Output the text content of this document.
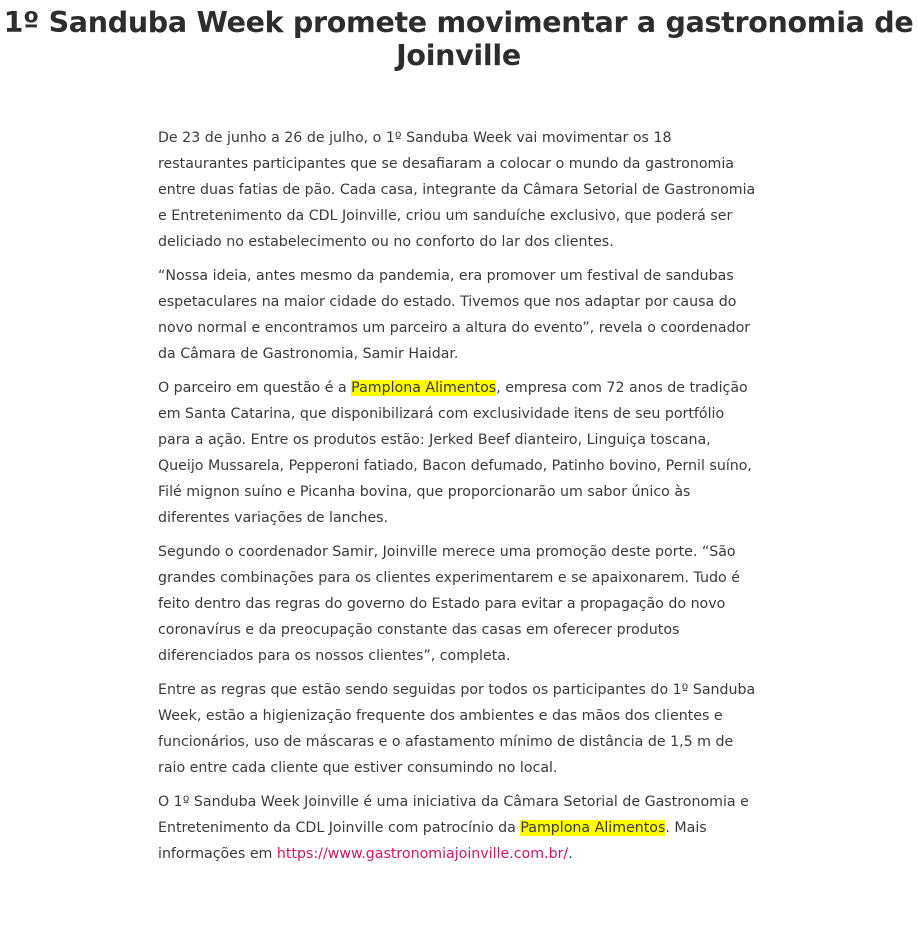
1º Sanduba Week promete movimentar a gastronomia de Joinville

De 23 de junho a 26 de julho, o 1º Sanduba Week vai movimentar os 18 restaurantes participantes que se desafiaram a colocar o mundo da gastronomia entre duas fatias de pão. Cada casa, integrante da Câmara Setorial de Gastronomia e Entretenimento da CDL Joinville, criou um sanduíche exclusivo, que poderá ser deliciado no estabelecimento ou no conforto do lar dos clientes.

“Nossa ideia, antes mesmo da pandemia, era promover um festival de sandubas espetaculares na maior cidade do estado. Tivemos que nos adaptar por causa do novo normal e encontramos um parceiro a altura do evento”, revela o coordenador da Câmara de Gastronomia, Samir Haidar.

O parceiro em questão é a Pamplona Alimentos, empresa com 72 anos de tradição em Santa Catarina, que disponibilizará com exclusividade itens de seu portfólio para a ação. Entre os produtos estão: Jerked Beef dianteiro, Linguiça toscana, Queijo Mussarela, Pepperoni fatiado, Bacon defumado, Patinho bovino, Pernil suíno, Filé mignon suíno e Picanha bovina, que proporcionarão um sabor único às diferentes variações de lanches.

Segundo o coordenador Samir, Joinville merece uma promoção deste porte. “São grandes combinações para os clientes experimentarem e se apaixonarem. Tudo é feito dentro das regras do governo do Estado para evitar a propagação do novo coronavírus e da preocupação constante das casas em oferecer produtos diferenciados para os nossos clientes”, completa.

Entre as regras que estão sendo seguidas por todos os participantes do 1º Sanduba Week, estão a higienização frequente dos ambientes e das mãos dos clientes e funcionários, uso de máscaras e o afastamento mínimo de distância de 1,5 m de raio entre cada cliente que estiver consumindo no local.

O 1º Sanduba Week Joinville é uma iniciativa da Câmara Setorial de Gastronomia e Entretenimento da CDL Joinville com patrocínio da Pamplona Alimentos. Mais informações em https://www.gastronomiajoinville.com.br/.
